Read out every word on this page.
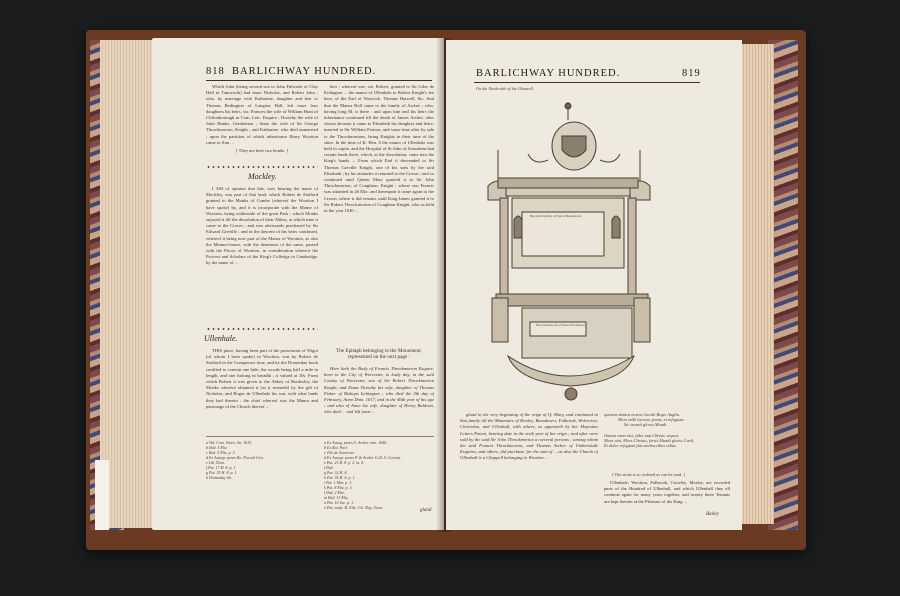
818 BARLICHWAY HUNDRED.

Which John (being second son to John Fulwode of Clay Hall in Tamworth) had issue Nicholas, and Robert John ; who, by marriage with Katharine, daughter and heir to Thomas Bedington of Langton Hall, left issue four daughters his heirs, viz. Frances the wife of William Hunt of Cliftonborough in Com. Leic. Esquire ; Dorothy the wife of John Hunks, Gentleman ; Anne the wife of Sir George Throckmorton, Knight ; and Katharine, who died unmarried ; upon the partition of which inheritance Harry Wootton came to Ann ...

[ They are here two bonds. ]

Mockley.

I AM of opinion that this, now bearing the name of Mockley, was part of that land, which Robert de Stafford granted to the Monks of Combe (whereof the Wootton I have spoke) by, and it is incorporate with the Manor of Wootton, being withinside of the great Park ; which Monks enjoyed it till the dissolution of their Abbey, at which time it came to the Crown ; and was afterwards purchased by Sir Edward Greville ; and in the descent of his heirs continued, whereof it being now part of the Manor of Wootton, as also the Mannor-house, with the demesnes of the same, passed with the Priory of Wootton, in consideration whereof the Provost and Scholars of the King's Colledge in Cambridge, by the name of ...

Ullenhale.

THIS place, having been part of the possession of Wigot (of whom I have spoke) in Wootton, was by Robert de Stafford in the Conquerors time, and by the Domesday book certified to contain one hide, the woods being half a mile in length, and one furlong in breadth ; it valued at 10s. From which Robert it was given to the Abbey of Bordesley, the Monks whereof obtained it (as it seemeth) by the gift of Nicholas, and Roger de Ullenhale his son, with what lands they had therein ; the chief whereof was the Manor and patronage of the Church thereof ...

heir ; whereof one, viz. Robert, granted to Sir Giles de Erdington ... the manor of Ullenhale to Robert Knight's fee here, of the Earl of Warwick. Thomas Harwell, &c. And that the Manor Roll came to the family of Archer ; who, having long M. is there : and upon him and his heirs the inheritance continued till the death of James Archer, after whose decease it came to Elizabeth his daughter and heire, married to Sir William Fermor, and some time after by sale to the Throckmortons, being Knights in their time of the shire. In the time of K. Hen. 8 the manor of Ullenhale was held in capite, and the Hospital of St John of Jerusalem had certain lands there, which, at the dissolution, came into the King's hands ... From which Earl it descended to Sir Thomas Greville Knight, one of his sons by the said Elizabeth ; by his attainder it returned to the Crown ; and so continued until Queen Mary granted it to Sir John Throckmorton, of Coughton, Knight ; whose son Francis was attainted in 26 Eliz. and thereupon it came again to the Crown, where it did remain, until King James granted it to Sir Robert Throckmorton of Coughton Knight, who as held in the year 1630 ...

The Epitaph belonging to the Monument, represented on the next page :

Here lieth the Body of Francis Throckmorton Esquire, born in the City of Worcester, in Lady day, in the said County of Worcester, son of Sir Robert Throckmorton Knight, and Dame Dorothy his wife, daughter of Thomas Fisher of Bishops Itchington ; who died the 5th day of February, Anno Dom. 1617, and in the 46th year of his age ; and also of Anne his wife, daughter of Henry Baldwin, who died ... and left issue ...

a Vid. Com. Warw. An. 1615.
b Ibid. 5 Eliz.
c Ibid. 5 Eliz. p. 3.
d Ex Autogr. penes Ro. Pocock Gen.
e Lib. Dom.
f Pat. 17 H. 8. p. 1.
g Pat. 35 H. 8. p. 1.
h Domesday lib.
a Ex Autog. penes S. Archer arm. 1640.
b Ex Rot. Parl.
c Tiiii de Somerset.
d Ex Autogr. penes P. & Archer Coll. S. Coronis
e Pat. 23 H. 8. p. 2. m. 4.
f Ibid.
g Pat. 32 H. 8.
h Pat. 35 H. 8. p. 1.
i Pat. 1 Mar. p. 3.
k Pat. 8 Eliz. p. 3.
l Ibid. 2 Eliz.
m Ibid. 13 Eliz.
n Pat. 10 Jac. p. 1.
o Pat. temp. H. Eliz. Col. Reg. Oxon.
gland
BARLICHWAY HUNDRED.	819
On the North-side of the Chancell.
Here lyeth the Body of Francis Throckmorton
Here lyeth Anne wife of Francis Throckmorton

gland in the very beginning of the reign of Q. Mary, and continued in that family till the Mannours of Henley, Beaudesert, Fulbrook, Wolverton, Claverdon, and Ullenhall, with others, as appeareth by her Majesties Letters Patent, bearing date in the sixth year of her reign ; and after were sold by the said Sir John Throckmorton to several persons ; among whom the said Francis Throckmorton, and Thomas Archer of Umberslade Esquires, and others, did purchase, for the sum of ... as also the Church of Ullenhall is a Chappell belonging to Wootton ...

quarum domus nostra Jacobi Regis Anglia.
Mors mihi lucrum, porta, et refugium.
Sic transit gloria Mundi.
Omnia vana nisi, fides una Christo sequor,
Mors vita, Mors Christo, fortis Mundi gloria Caeli,
Et dulce refugium fiat mediocribus rebus.
[ The stone is so ordered as can be read. ]

Ullenhale, Wootton, Fulbrook, Crowley, Morley, are recorded parts of the Hundred of Ullenhall, and which Ullenhall they all continue again for many years together, and twenty three Tenants are kept therein at the Pleasure of the King ...

Bailey
